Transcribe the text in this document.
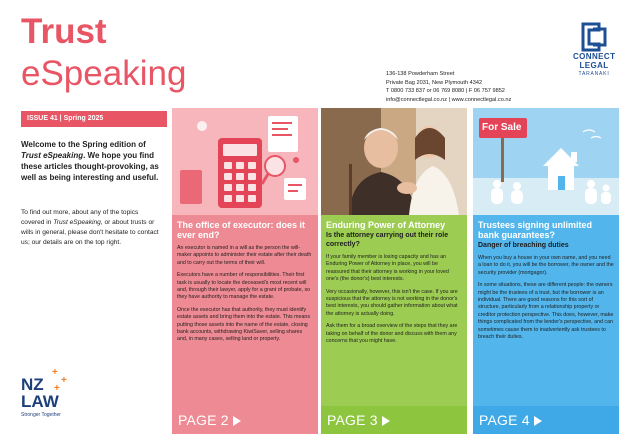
Trust
eSpeaking
ISSUE 41 | Spring 2025
136-138 Powderham Street
Private Bag 2031, New Plymouth 4342
T 0800 733 837 or 06 769 8080 | F 06 757 9852
info@connectlegal.co.nz | www.connectlegal.co.nz
CONNECT
LEGAL
TARANAKI
Welcome to the Spring edition of Trust eSpeaking. We hope you find these articles thought-provoking, as well as being interesting and useful.
To find out more, about any of the topics covered in Trust eSpeaking, or about trusts or wills in general, please don't hesitate to contact us; our details are on the top right.
NZ
LAW
Stronger Together
+
+
+
The office of executor: does it ever end?

An executor is named in a will as the person the will-maker appoints to administer their estate after their death and to carry out the terms of their will.

Executors have a number of responsibilities. Their first task is usually to locate the deceased's most recent will and, through their lawyer, apply for a grant of probate, so they have authority to manage the estate.

Once the executor has that authority, they must identify estate assets and bring them into the estate. This means putting those assets into the name of the estate, closing bank accounts, withdrawing KiwiSaver, selling shares and, in many cases, selling land or property.

PAGE 2
Enduring Power of Attorney
Is the attorney carrying out their role correctly?

If your family member is losing capacity and has an Enduring Power of Attorney in place, you will be reassured that their attorney is working in your loved one's (the donor's) best interests.

Very occasionally, however, this isn't the case. If you are suspicious that the attorney is not working in the donor's best interests, you should gather information about what the attorney is actually doing.

Ask them for a broad overview of the steps that they are taking on behalf of the donor and discuss with them any concerns that you might have.

PAGE 3
For Sale
Trustees signing unlimited bank guarantees?
Danger of breaching duties

When you buy a house in your own name, and you need a loan to do it, you will be the borrower, the owner and the security provider (mortgagor).

In some situations, these are different people: the owners might be the trustees of a trust, but the borrower is an individual. There are good reasons for this sort of structure, particularly from a relationship property or creditor protection perspective. This does, however, make things complicated from the lender's perspective, and can sometimes cause them to inadvertently ask trustees to breach their duties.

PAGE 4
